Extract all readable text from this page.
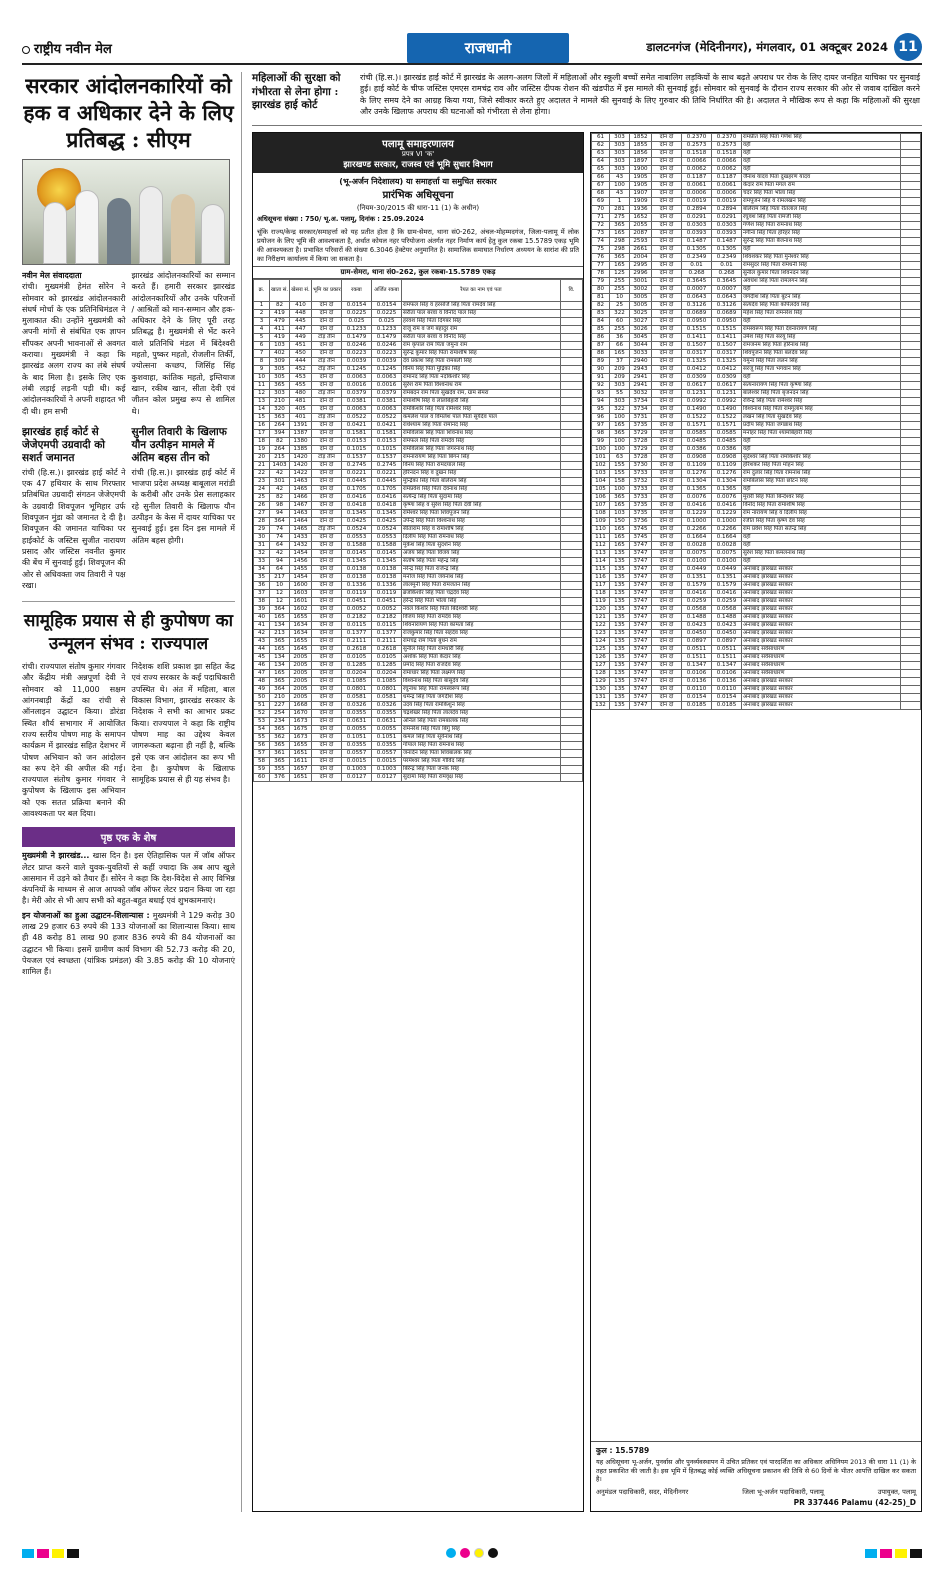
राष्ट्रीय नवीन मेल	राजधानी	डालटनगंज (मेदिनीनगर), मंगलवार, 01 अक्टूबर 2024 11
सरकार आंदोलनकारियों को हक व अधिकार देने के लिए प्रतिबद्ध : सीएम
नवीन मेल संवाददाता
रांची। मुख्यमंत्री हेमंत सोरेन ने सोमवार को झारखंड आंदोलनकारी संघर्ष मोर्चा के एक प्रतिनिधिमंडल ने मुलाकात की। उन्होंने मुख्यमंत्री को अपनी मांगों से संबंधित एक ज्ञापन सौंपकर अपनी भावनाओं से अवगत कराया। मुख्यमंत्री ने कहा कि झारखंड अलग राज्य का लंबे संघर्ष के बाद मिला है। इसके लिए एक लंबी लड़ाई लड़नी पड़ी थी। कई आंदोलनकारियों ने अपनी शहादत भी दी थी। हम सभी
झारखंड आंदोलनकारियों का सम्मान करते हैं। हमारी सरकार झारखंड आंदोलनकारियों और उनके परिजनों / आश्रितों को मान-सम्मान और हक-अधिकार देने के लिए पूरी तरह प्रतिबद्ध है। मुख्यमंत्री से भेंट करने वाले प्रतिनिधि मंडल में बिंदेश्वरी महतो, पुष्कर महतो, रोजलीन तिर्की, ज्योत्सना कच्छप, जिसिंह सिंह कुशवाहा, कांतिक महतो, इम्तियाज खान, रकीब खान, सीता देवी एवं जीतन कोल प्रमुख रूप से शामिल थे।
झारखंड हाई कोर्ट से जेजेएमपी उग्रवादी को सशर्त जमानत
रांची (हि.स.)। झारखंड हाई कोर्ट ने एक 47 हथियार के साथ गिरफ्तार प्रतिबंधित उग्रवादी संगठन जेजेएमपी के उग्रवादी शिवपूजन भूमिहार उर्फ शिवपूजन मुंडा को जमानत दे दी है। शिवपूजन की जमानत याचिका पर हाईकोर्ट के जस्टिस सुजीत नारायण प्रसाद और जस्टिस नवनीत कुमार की बेंच में सुनवाई हुई। शिवपूजन की ओर से अधिवक्ता जय तिवारी ने पक्ष रखा।
सुनील तिवारी के खिलाफ यौन उत्पीड़न मामले में अंतिम बहस तीन को
रांची (हि.स.)। झारखंड हाई कोर्ट में भाजपा प्रदेश अध्यक्ष बाबूलाल मरांडी के करीबी और उनके प्रेस सलाहकार रहे सुनील तिवारी के खिलाफ यौन उत्पीड़न के केस में दायर याचिका पर सुनवाई हुई। इस दिन इस मामले में अंतिम बहस होगी।
सामूहिक प्रयास से ही कुपोषण का उन्मूलन संभव : राज्यपाल
रांची। राज्यपाल संतोष कुमार गंगवार और केंद्रीय मंत्री अन्नपूर्णा देवी ने सोमवार को 11,000 सक्षम आंगनबाड़ी केंद्रों का रांची से ऑनलाइन उद्घाटन किया। डोरंडा स्थित शौर्य सभागार में आयोजित राज्य स्तरीय पोषण माह के समापन कार्यक्रम में झारखंड सहित देशभर में पोषण अभियान को जन आंदोलन का रूप देने की अपील की गई। राज्यपाल संतोष कुमार गंगवार ने कुपोषण के खिलाफ इस अभियान को एक सतत प्रक्रिया बनाने की आवश्यकता पर बल दिया।
निदेशक शशि प्रकाश झा सहित केंद्र एवं राज्य सरकार के कई पदाधिकारी उपस्थित थे। अंत में महिला, बाल विकास विभाग, झारखंड सरकार के निदेशक ने सभी का आभार प्रकट किया। राज्यपाल ने कहा कि राष्ट्रीय पोषण माह का उद्देश्य केवल जागरूकता बढ़ाना ही नहीं है, बल्कि इसे एक जन आंदोलन का रूप भी देना है। कुपोषण के खिलाफ सामूहिक प्रयास से ही यह संभव है।
पृष्ठ एक के शेष
मुख्यमंत्री ने झारखंड... खास दिन है। इस ऐतिहासिक पल में जॉब ऑफर लेटर प्राप्त करने वाले युवक-युवतियों से कहीं ज्यादा कि अब आप खुले आसमान में उड़ने को तैयार हैं। सोरेन ने कहा कि देश-विदेश से आए विभिन्न कंपनियों के माध्यम से आज आपको जॉब ऑफर लेटर प्रदान किया जा रहा है। मेरी ओर से भी आप सभी को बहुत-बहुत बधाई एवं शुभकामनाएं।
इन योजनाओं का हुआ उद्घाटन-शिलान्यास : मुख्यमंत्री ने 129 करोड़ 30 लाख 29 हजार 63 रुपये की 133 योजनाओं का शिलान्यास किया। साथ ही 48 करोड़ 81 लाख 90 हजार 836 रुपये की 84 योजनाओं का उद्घाटन भी किया। इसमें ग्रामीण कार्य विभाग की 52.73 करोड़ की 20, पेयजल एवं स्वच्छता (यांत्रिक प्रमंडल) की 3.85 करोड़ की 10 योजनाएं शामिल हैं।
महिलाओं की सुरक्षा को गंभीरता से लेना होगा : झारखंड हाई कोर्ट
रांची (हि.स.)। झारखंड हाई कोर्ट में झारखंड के अलग-अलग जिलों में महिलाओं और स्कूली बच्चों समेत नाबालिग लड़कियों के साथ बढ़ते अपराध पर रोक के लिए दायर जनहित याचिका पर सुनवाई हुई। हाई कोर्ट के चीफ जस्टिस एमएस रामचंद्र राव और जस्टिस दीपक रोशन की खंडपीठ में इस मामले की सुनवाई हुई। सोमवार को सुनवाई के दौरान राज्य सरकार की ओर से जवाब दाखिल करने के लिए समय देने का आग्रह किया गया, जिसे स्वीकार करते हुए अदालत ने मामले की सुनवाई के लिए गुरुवार की तिथि निर्धारित की है। अदालत ने मौखिक रूप से कहा कि महिलाओं की सुरक्षा और उनके खिलाफ अपराध की घटनाओं को गंभीरता से लेना होगा।
पलामू समाहरणालय
प्रपत्र VI 'क'
झारखण्ड सरकार, राजस्व एवं भूमि सुधार विभाग
(भू-अर्जन निदेशालय) या समाहर्त्ता या समुचित सरकार
प्रारंभिक अधिसूचना
(नियम-30/2015 की धारा-11 (1) के अधीन)
अधिसूचना संख्या : 750/ भू.अ. पलामू, दिनांक : 25.09.2024
चूंकि राज्य/केन्द्र सरकार/समाहर्त्ता को यह प्रतीत होता है कि ग्राम-सेमरा, थाना सं0-262, अंचल-मोहम्मदगंज, जिला-पलामू में लोक प्रयोजन के लिए भूमि की आवश्यकता है, अर्थात कोयल नहर परियोजना अंतर्गत नहर निर्माण कार्य हेतु कुल रकबा 15.5789 एकड़ भूमि की आवश्यकता है। प्रभावित परिवारों की संख्या 6.3046 हेक्टेयर अनुमानित है। सामाजिक समाघात निर्धारण अध्ययन के सारांश की प्रति का निरीक्षण कार्यालय में किया जा सकता है।
ग्राम-सेमरा, थाना सं0-262, कुल रकबा-15.5789 एकड़
क्र.	खाता सं.	खेसरा सं.	भूमि का प्रकार	रकबा	अर्जित रकबा	रैयत का नाम एवं पता	वि.
1	82	410	दोन दो	0.0154	0.0154	रामफल सिंह व हरसजि सिंह पिता रामदेव सिंह	
2	419	448	दोन दो	0.0225	0.0225	सरीता पाल बरवा व विनोद पाल सिंह	
3	479	445	दोन दो	0.025	0.025	हरवंश सिंह पिता दिगंबर सिंह	
4	411	447	दोन दो	0.1233	0.1233	राजू राम व जंग बहादुर राम	
5	419	449	टाँड़ तीन	0.1479	0.1479	सरीता पाल बरवा व विनोद सिंह	
6	103	451	दोन दो	0.0246	0.0246	राम कृपाल राम पिता जमुना राम	
7	402	450	दोन दो	0.0223	0.0223	सुरेन्द्र कुमार सिंह पिता रामाशीष सिंह	
8	309	444	टाँड़ तीन	0.0039	0.0039	देव प्रकाश सिंह पिता रामबली सिंह	
9	305	452	टाँड़ तीन	0.1245	0.1245	विनय सिंह पिता मुद्रिका सिंह	
10	305	453	दोन दो	0.0063	0.0063	रामानंद सिंह पिता नंदकिशोर सिंह	
11	365	455	दोन दो	0.0016	0.0016	सुरेश राम पिता विश्वनाथ राम	
12	303	480	टाँड़ तीन	0.0379	0.0379	रामबदन राम पिता सुखदेव राम, ग्राम सेमरा	
13	210	481	दोन दो	0.0381	0.0381	रामाशीष सिंह व लालबिहारी सिंह	
14	320	405	दोन दो	0.0063	0.0063	रामकिशोर सिंह पिता रामेश्वर सिंह	
15	363	401	टाँड़ तीन	0.0522	0.0522	कमलेश पाल व विमलेश पाल पिता सूर्यदेव पाल	
16	264	1391	दोन दो	0.0421	0.0421	राधेश्याम सिंह पिता रामानंद सिंह	
17	394	1387	दोन दो	0.1581	0.1581	रामविलास सिंह पिता शिवनाथ सिंह	
18	82	1380	दोन दो	0.0153	0.0153	रामफल सिंह पिता रामदेव सिंह	
19	264	1385	दोन दो	0.1015	0.1015	रामविलास सिंह पिता जगरनाथ सिंह	
20	215	1420	टाँड़ तीन	0.1537	0.1537	रामनारायण सिंह पिता बिगन सिंह	
21	1403	1420	दोन दो	0.2745	0.2745	विनय सिंह पिता रामदयाल सिंह	
22	42	1422	दोन दो	0.0221	0.0221	हरिनंदन सिंह व दुखन सिंह	
23	301	1463	दोन दो	0.0445	0.0445	मुन्द्रिका सिंह पिता बलिराम सिंह	
24	42	1465	दोन दो	0.1705	0.1705	रामप्रवेश सिंह पिता देवनाथ सिंह	
25	82	1466	दोन दो	0.0416	0.0416	सत्येन्द्र सिंह पिता सुदामा सिंह	
26	98	1467	दोन दो	0.0418	0.0418	कृष्णा सिंह व सुरेश सिंह पिता देवी सिंह	
27	94	1463	दोन दो	0.1345	0.1345	रामेश्वर सिंह पिता शिवपूजन सिंह	
28	364	1464	दोन दो	0.0425	0.0425	उपेन्द्र सिंह पिता विश्वनाथ सिंह	
29	74	1465	टाँड़ तीन	0.0524	0.0524	सीताराम सिंह व रामाशीष सिंह	
30	74	1433	दोन दो	0.0553	0.0553	दिलीप सिंह पिता रामनाथ सिंह	
31	64	1432	दोन दो	0.1588	0.1588	मुकेश सिंह पिता सुदर्शन सिंह	
32	42	1454	दोन दो	0.0145	0.0145	अजय सिंह पिता विजय सिंह	
33	94	1456	दोन दो	0.1345	0.1345	संतोष सिंह पिता महेन्द्र सिंह	
34	64	1455	दोन दो	0.0138	0.0138	नरेन्द्र सिंह पिता राजेन्द्र सिंह	
35	217	1454	दोन दो	0.0138	0.0138	मनोज सिंह पिता जयनाथ सिंह	
36	10	1600	दोन दो	0.1336	0.1336	लालमुनी सिंह पिता रामजतन सिंह	
37	12	1603	दोन दो	0.0119	0.0119	ब्रजकिशोर सिंह पिता चंद्रदेव सिंह	
38	12	1601	दोन दो	0.0451	0.0451	हरेन्द्र सिंह पिता भोला सिंह	
39	364	1602	दोन दो	0.0052	0.0052	नवल किशोर सिंह पिता बिंदेश्वरी सिंह	
40	165	1655	दोन दो	0.2182	0.2182	विजय सिंह पिता रामदेव सिंह	
41	134	1634	दोन दो	0.0115	0.0115	शिवनारायण सिंह पिता कामता सिंह	
42	213	1634	दोन दो	0.1377	0.1377	राजकुमार सिंह पिता सहदेव सिंह	
43	365	1655	दोन दो	0.2111	0.2111	रामचंद्र राम पिता बुधन राम	
44	165	1645	दोन दो	0.2618	0.2618	सुनील सिंह पिता रामधारी सिंह	
45	134	2005	दोन दो	0.0105	0.0105	अशोक सिंह पिता केदार सिंह	
46	134	2005	दोन दो	0.1285	0.1285	प्रमोद सिंह पिता राजदेव सिंह	
47	165	2005	दोन दो	0.0204	0.0204	रामाधार सिंह पिता लक्ष्मण सिंह	
48	365	2005	दोन दो	0.1085	0.1085	विश्वनाथ सिंह पिता बासुदेव सिंह	
49	364	2005	दोन दो	0.0801	0.0801	रघुनाथ सिंह पिता रामस्वरूप सिंह	
50	210	2005	दोन दो	0.0581	0.0581	धर्मेन्द्र सिंह पिता जगदीश सिंह	
51	227	1668	दोन दो	0.0326	0.0326	उदय सिंह पिता रामकिशुन सिंह	
52	254	1670	दोन दो	0.0355	0.0355	चंद्रशेखर सिंह पिता लालदेव सिंह	
53	234	1673	दोन दो	0.0631	0.0631	अनिल सिंह पिता रामबालक सिंह	
54	365	1675	दोन दो	0.0055	0.0055	रामनरेश सिंह पिता बिगु सिंह	
55	362	1673	दोन दो	0.1051	0.1051	कमल सिंह पिता सूर्यनाथ सिंह	
56	365	1655	दोन दो	0.0355	0.0355	गोपाल सिंह पिता रामनाथ सिंह	
57	361	1651	दोन दो	0.0557	0.0557	जनार्दन सिंह पिता शिवबालक सिंह	
58	365	1611	दोन दो	0.0015	0.0015	परमेश्वर सिंह पिता गोविंद सिंह	
59	355	1657	दोन दो	0.1003	0.1003	बिरेन्द्र सिंह पिता जनक सिंह	
60	376	1651	दोन दो	0.0127	0.0127	सुदामा सिंह पिता रामवृक्ष सिंह	
61	303	1852	दोन दो	0.2370	0.2370	रामप्रीत सिंह पिता गणेश सिंह	
62	303	1855	दोन दो	0.2573	0.2573	वही	
63	303	1856	दोन दो	0.1518	0.1518	वही	
64	303	1897	दोन दो	0.0066	0.0066	वही	
65	303	1900	दोन दो	0.0062	0.0062	वही	
66	43	1905	दोन दो	0.1187	0.1187	जैनाथ यादव पिता दुखहरण यादव	
67	100	1905	दोन दो	0.0061	0.0061	केदार राम पिता मंगल राम	
68	43	1907	दोन दो	0.0006	0.0006	चंदर सिंह पिता भोला सिंह	
69	1	1909	दोन दो	0.0019	0.0019	रामपूजन सिंह व रामलखन सिंह	
70	281	1936	दोन दो	0.2894	0.2894	बलिराम सिंह पिता रीतलाल सिंह	
71	275	1652	दोन दो	0.0291	0.0291	रघुवंश सिंह पिता रामजी सिंह	
72	365	2055	दोन दो	0.0303	0.0303	गणेश सिंह पिता रामनाथ सिंह	
73	165	2087	दोन दो	0.0393	0.0393	नगीना सिंह पिता हरिहर सिंह	
74	298	2593	दोन दो	0.1487	0.1487	सुरेन्द्र सिंह पिता बैजनाथ सिंह	
75	298	2661	दोन दो	0.1305	0.1305	वही	
76	365	2004	दोन दो	0.2349	0.2349	शिवशंकर सिंह पिता मुनेश्वर सिंह	
77	165	2995	दोन दो	0.01	0.01	रामसुंदर सिंह पिता रामधनी सिंह	
78	125	2996	दोन दो	0.268	0.268	सुनील कुमार पिता शिवनंदन सिंह	
79	255	3001	दोन दो	0.3645	0.3645	अवधेश सिंह पिता रामलगन सिंह	
80	255	3002	दोन दो	0.0007	0.0007	वही	
81	10	3005	दोन दो	0.0643	0.0643	जगदीश सिंह पिता बुटन सिंह	
82	25	3005	दोन दो	0.3126	0.3126	सत्यदेव सिंह पिता कपिलदेव सिंह	
83	322	3025	दोन दो	0.0689	0.0689	महेश सिंह पिता रामनरेश सिंह	
84	60	3027	दोन दो	0.0950	0.0950	वही	
85	255	3026	दोन दो	0.1515	0.1515	रामस्वरूप सिंह पिता देवनारायण सिंह	
86	36	3045	दोन दो	0.1411	0.1411	उमेश सिंह पिता सरयू सिंह	
87	66	3044	दोन दो	0.1507	0.1507	रामजनम सिंह पिता हरिनाथ सिंह	
88	165	3033	दोन दो	0.0317	0.0317	शिवपूजन सिंह पिता बलदेव सिंह	
89	37	2940	दोन दो	0.1325	0.1325	यमुना सिंह पिता ललन सिंह	
90	209	2943	दोन दो	0.0412	0.0412	सरजू सिंह पिता भगवान सिंह	
91	209	2941	दोन दो	0.0309	0.0309	वही	
92	303	2941	दोन दो	0.0617	0.0617	सत्यनारायण सिंह पिता कृष्णा सिंह	
93	55	3032	दोन दो	0.1231	0.1231	बालेश्वर सिंह पिता बृजनंदन सिंह	
94	303	3734	दोन दो	0.0992	0.0992	रविन्द्र सिंह पिता रामेश्वर सिंह	
95	322	3734	दोन दो	0.1490	0.1490	विश्वनाथ सिंह पिता रामगुलाम सिंह	
96	100	3731	दोन दो	0.1522	0.1522	लखन सिंह पिता सुखदेव सिंह	
97	165	3735	दोन दो	0.1571	0.1571	प्रदीप सिंह पिता जगन्नाथ सिंह	
98	365	3729	दोन दो	0.0585	0.0585	मनोहर सिंह पिता श्यामबिहारी सिंह	
99	100	3728	दोन दो	0.0485	0.0485	वही	
100	100	3729	दोन दो	0.0386	0.0386	वही	
101	63	3728	दोन दो	0.0908	0.0908	सुदेश्वर सिंह पिता रामकिशोर सिंह	
102	155	3730	दोन दो	0.1109	0.1109	हरिशंकर सिंह पिता मोहन सिंह	
103	155	3733	दोन दो	0.1276	0.1276	राम दुलार सिंह पिता रामनाथ सिंह	
104	158	3732	दोन दो	0.1304	0.1304	रामबिलास सिंह पिता छोटन सिंह	
105	100	3733	दोन दो	0.1365	0.1365	वही	
106	365	3733	दोन दो	0.0076	0.0076	मुरारी सिंह पिता बिन्देश्वर सिंह	
107	165	3735	दोन दो	0.0416	0.0416	विनोद सिंह पिता रामाशीष सिंह	
108	103	3735	दोन दो	0.1229	0.1229	राम नारायण सिंह व दिलीप सिंह	
109	150	3736	दोन दो	0.1000	0.1000	रंजीत सिंह पिता कृष्ण देव सिंह	
110	165	3745	दोन दो	0.2266	0.2266	राम प्रवेश सिंह पिता सतेन्द्र सिंह	
111	165	3745	दोन दो	0.1664	0.1664	वही	
112	165	3747	दोन दो	0.0028	0.0028	वही	
113	135	3747	दोन दो	0.0075	0.0075	सुरेश सिंह पिता कमलनाथ सिंह	
114	135	3747	दोन दो	0.0100	0.0100	वही	
115	135	3747	दोन दो	0.0449	0.0449	अनाबाद झारखंड सरकार	
116	135	3747	दोन दो	0.1351	0.1351	अनाबाद झारखंड सरकार	
117	135	3747	दोन दो	0.1579	0.1579	अनाबाद झारखंड सरकार	
118	135	3747	दोन दो	0.0416	0.0416	अनाबाद झारखंड सरकार	
119	135	3747	दोन दो	0.0259	0.0259	अनाबाद झारखंड सरकार	
120	135	3747	दोन दो	0.0568	0.0568	अनाबाद झारखंड सरकार	
121	135	3747	दोन दो	0.1488	0.1488	अनाबाद झारखंड सरकार	
122	135	3747	दोन दो	0.0423	0.0423	अनाबाद झारखंड सरकार	
123	135	3747	दोन दो	0.0450	0.0450	अनाबाद झारखंड सरकार	
124	135	3747	दोन दो	0.0897	0.0897	अनाबाद झारखंड सरकार	
125	135	3747	दोन दो	0.0511	0.0511	अनाबाद सर्वसाधारण	
126	135	3747	दोन दो	0.1511	0.1511	अनाबाद सर्वसाधारण	
127	135	3747	दोन दो	0.1347	0.1347	अनाबाद सर्वसाधारण	
128	135	3747	दोन दो	0.0106	0.0106	अनाबाद सर्वसाधारण	
129	135	3747	दोन दो	0.0136	0.0136	अनाबाद झारखंड सरकार	
130	135	3747	दोन दो	0.0110	0.0110	अनाबाद झारखंड सरकार	
131	135	3747	दोन दो	0.0154	0.0154	अनाबाद झारखंड सरकार	
132	135	3747	दोन दो	0.0185	0.0185	अनाबाद झारखंड सरकार	
कुल : 15.5789
यह अधिसूचना भू-अर्जन, पुनर्वास और पुनर्व्यवस्थापन में उचित प्रतिकर एवं पारदर्शिता का अधिकार अधिनियम 2013 की धारा 11 (1) के तहत प्रकाशित की जाती है। इस भूमि में हितबद्ध कोई व्यक्ति अधिसूचना प्रकाशन की तिथि से 60 दिनों के भीतर आपत्ति दाखिल कर सकता है।
अनुमंडल पदाधिकारी, सदर, मेदिनीनगर	जिला भू-अर्जन पदाधिकारी, पलामू	उपायुक्त, पलामू
PR 337446 Palamu (42-25)_D
